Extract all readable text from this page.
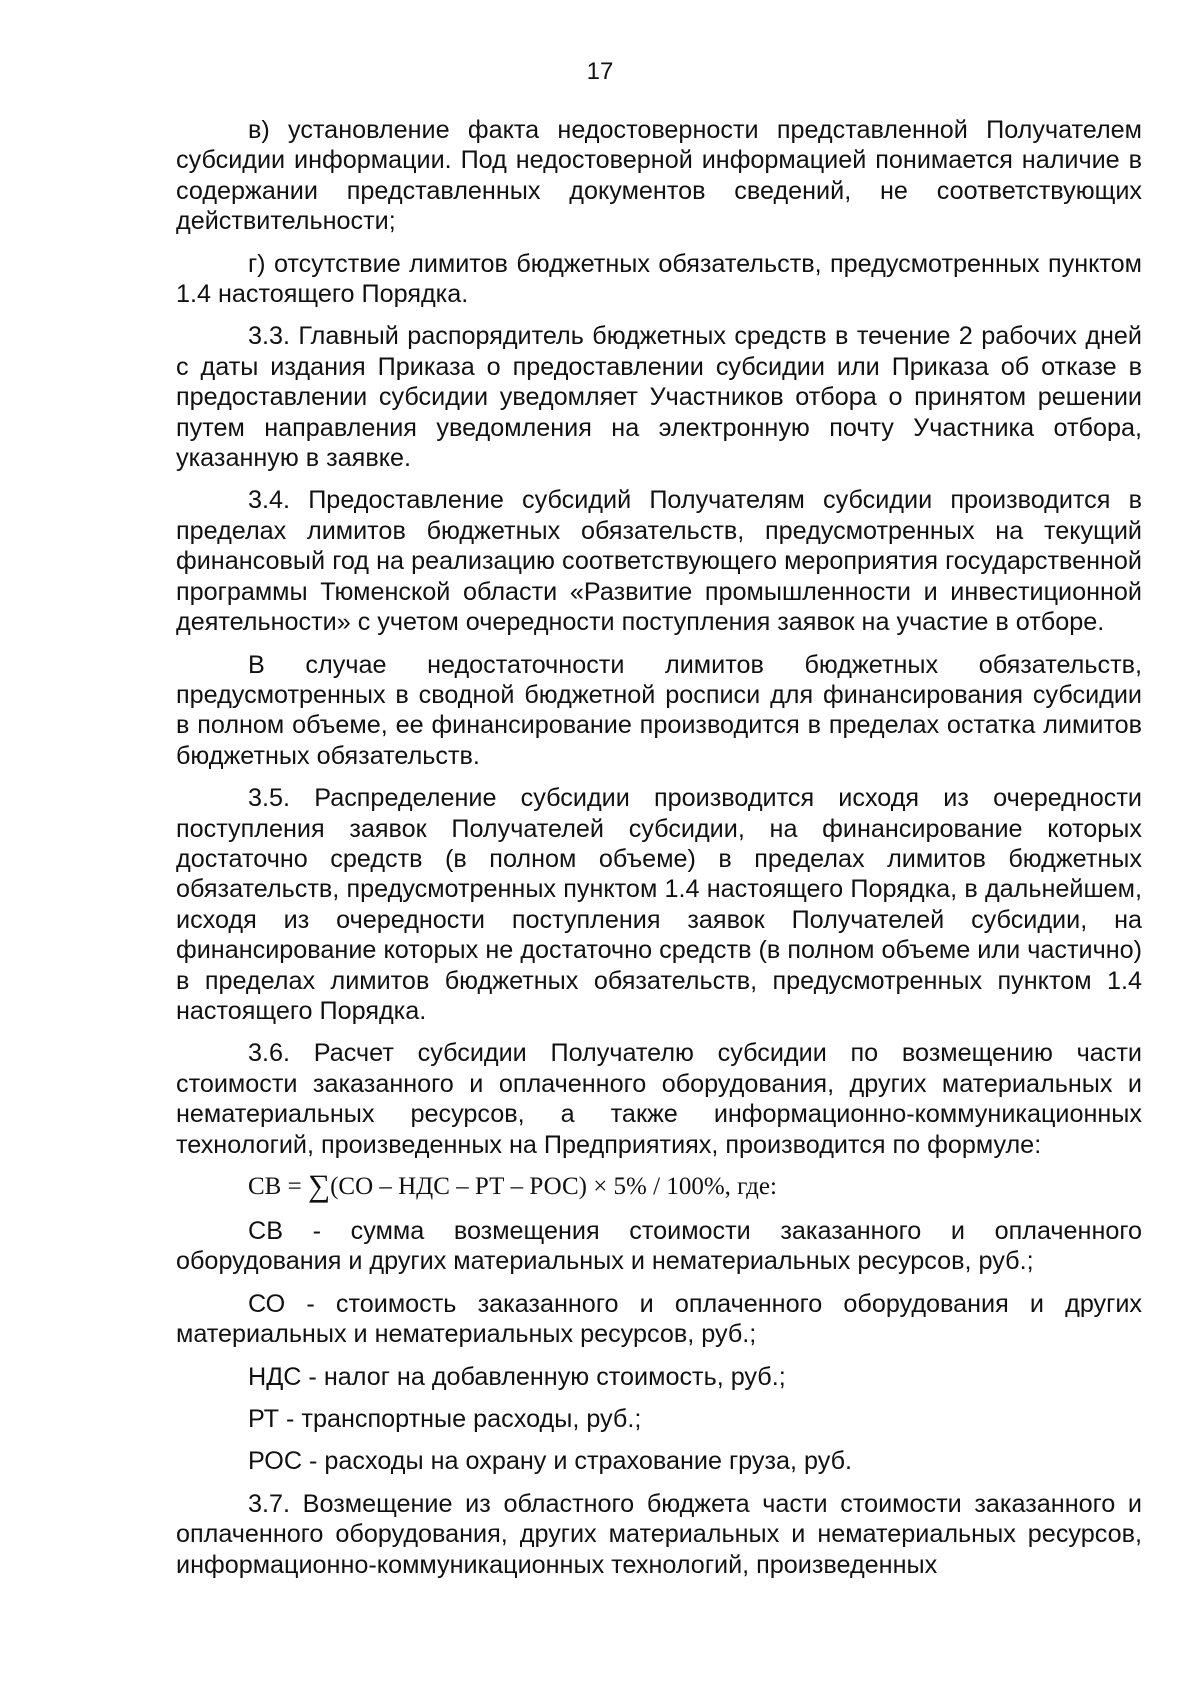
17

в) установление факта недостоверности представленной Получателем субсидии информации. Под недостоверной информацией понимается наличие в содержании представленных документов сведений, не соответствующих действительности;

г) отсутствие лимитов бюджетных обязательств, предусмотренных пунктом 1.4 настоящего Порядка.

3.3. Главный распорядитель бюджетных средств в течение 2 рабочих дней с даты издания Приказа о предоставлении субсидии или Приказа об отказе в предоставлении субсидии уведомляет Участников отбора о принятом решении путем направления уведомления на электронную почту Участника отбора, указанную в заявке.

3.4. Предоставление субсидий Получателям субсидии производится в пределах лимитов бюджетных обязательств, предусмотренных на текущий финансовый год на реализацию соответствующего мероприятия государственной программы Тюменской области «Развитие промышленности и инвестиционной деятельности» с учетом очередности поступления заявок на участие в отборе.

В случае недостаточности лимитов бюджетных обязательств, предусмотренных в сводной бюджетной росписи для финансирования субсидии в полном объеме, ее финансирование производится в пределах остатка лимитов бюджетных обязательств.

3.5. Распределение субсидии производится исходя из очередности поступления заявок Получателей субсидии, на финансирование которых достаточно средств (в полном объеме) в пределах лимитов бюджетных обязательств, предусмотренных пунктом 1.4 настоящего Порядка, в дальнейшем, исходя из очередности поступления заявок Получателей субсидии, на финансирование которых не достаточно средств (в полном объеме или частично) в пределах лимитов бюджетных обязательств, предусмотренных пунктом 1.4 настоящего Порядка.

3.6. Расчет субсидии Получателю субсидии по возмещению части стоимости заказанного и оплаченного оборудования, других материальных и нематериальных ресурсов, а также информационно-коммуникационных технологий, произведенных на Предприятиях, производится по формуле:

СВ = ∑(СО – НДС – РТ – РОС) × 5% / 100%, где:

СВ - сумма возмещения стоимости заказанного и оплаченного оборудования и других материальных и нематериальных ресурсов, руб.;

СО - стоимость заказанного и оплаченного оборудования и других материальных и нематериальных ресурсов, руб.;

НДС - налог на добавленную стоимость, руб.;

РТ - транспортные расходы, руб.;

РОС - расходы на охрану и страхование груза, руб.

3.7. Возмещение из областного бюджета части стоимости заказанного и оплаченного оборудования, других материальных и нематериальных ресурсов, информационно-коммуникационных технологий, произведенных
